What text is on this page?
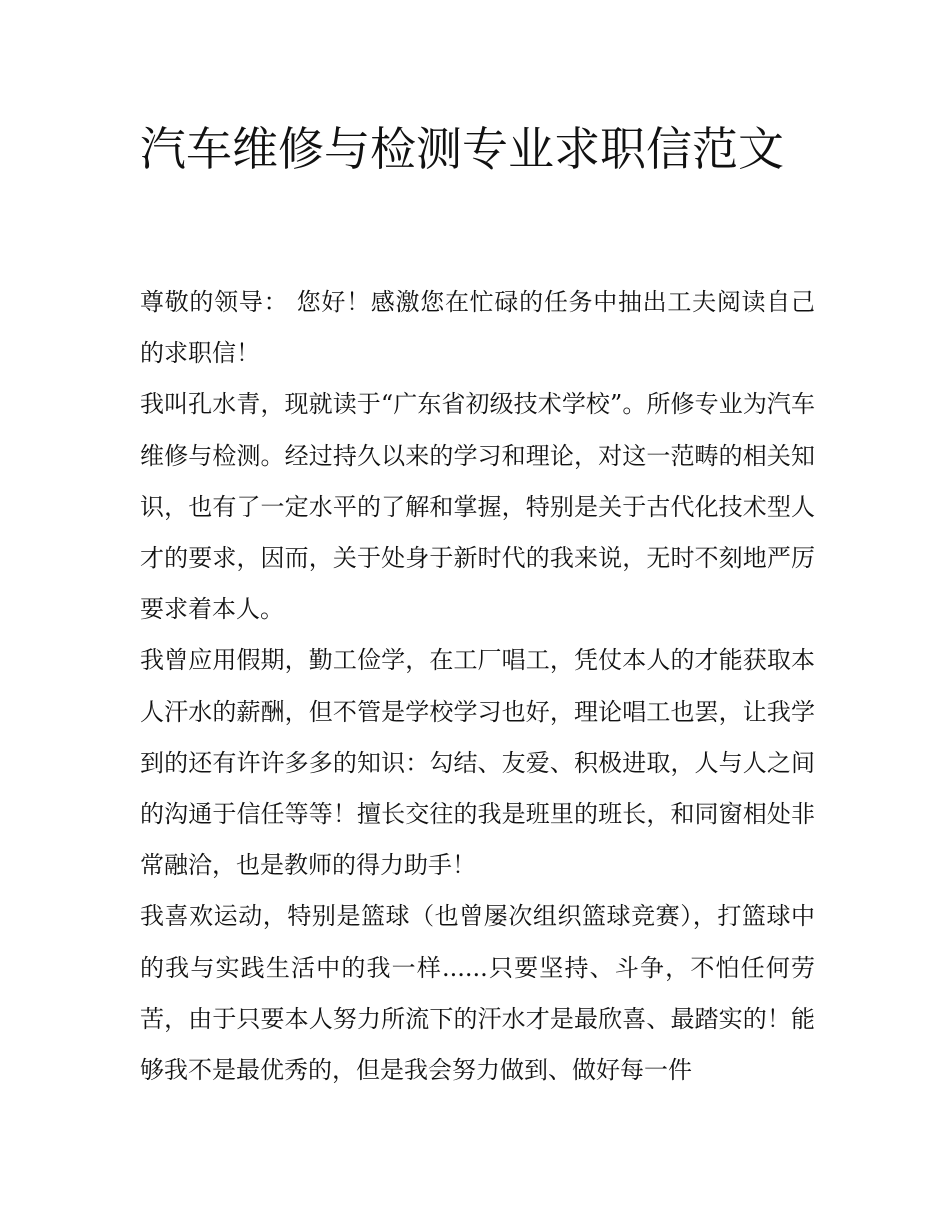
汽车维修与检测专业求职信范文

尊敬的领导： 您好！感激您在忙碌的任务中抽出工夫阅读自己的求职信！

我叫孔水青，现就读于“广东省初级技术学校”。所修专业为汽车维修与检测。经过持久以来的学习和理论，对这一范畴的相关知识，也有了一定水平的了解和掌握，特别是关于古代化技术型人才的要求，因而，关于处身于新时代的我来说，无时不刻地严厉要求着本人。

我曾应用假期，勤工俭学，在工厂唱工，凭仗本人的才能获取本人汗水的薪酬，但不管是学校学习也好，理论唱工也罢，让我学到的还有许许多多的知识：勾结、友爱、积极进取，人与人之间的沟通于信任等等！擅长交往的我是班里的班长，和同窗相处非常融洽，也是教师的得力助手！

我喜欢运动，特别是篮球（也曾屡次组织篮球竞赛），打篮球中的我与实践生活中的我一样......只要坚持、斗争，不怕任何劳苦，由于只要本人努力所流下的汗水才是最欣喜、最踏实的！能够我不是最优秀的，但是我会努力做到、做好每一件
